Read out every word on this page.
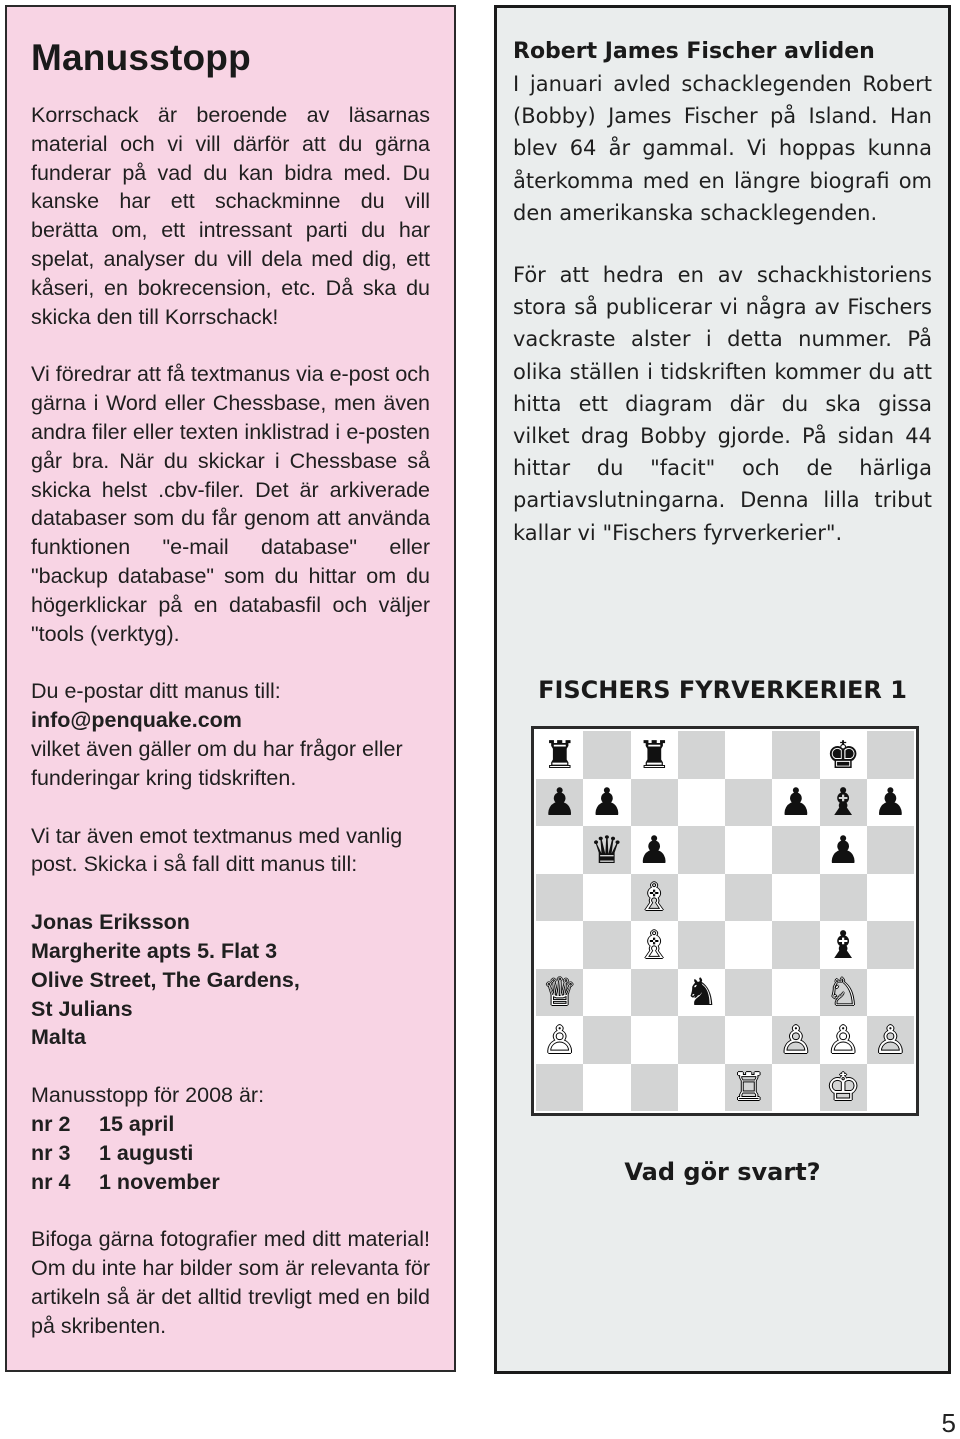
Manusstopp

Korrschack är beroende av läsarnas material och vi vill därför att du gärna funderar på vad du kan bidra med. Du kanske har ett schackminne du vill berätta om, ett intressant parti du har spelat, analyser du vill dela med dig, ett kåseri, en bokrecension, etc. Då ska du skicka den till Korrschack!

Vi föredrar att få textmanus via e-post och gärna i Word eller Chessbase, men även andra filer eller texten inklistrad i e-posten går bra. När du skickar i Chessbase så skicka helst .cbv-filer. Det är arkiverade databaser som du får genom att använda funktionen "e-mail database" eller "backup database" som du hittar om du högerklickar på en databasfil och väljer "tools (verktyg).

Du e-postar ditt manus till:
info@penquake.com
vilket även gäller om du har frågor eller funderingar kring tidskriften.

Vi tar även emot textmanus med vanlig post. Skicka i så fall ditt manus till:

Jonas Eriksson
Margherite apts 5. Flat 3
Olive Street, The Gardens,
St Julians
Malta

Manusstopp för 2008 är:
nr 2	15 april
nr 3	1 augusti
nr 4	1 november

Bifoga gärna fotografier med ditt material! Om du inte har bilder som är relevanta för artikeln så är det alltid trevligt med en bild på skribenten.

Robert James Fischer avliden

I januari avled schacklegenden Robert (Bobby) James Fischer på Island. Han blev 64 år gammal. Vi hoppas kunna återkomma med en längre biografi om den amerikanska schacklegenden.

För att hedra en av schackhistoriens stora så publicerar vi några av Fischers vackraste alster i detta nummer. På olika ställen i tidskriften kommer du att hitta ett diagram där du ska gissa vilket drag Bobby gjorde. På sidan 44 hittar du "facit" och de härliga partiavslutningarna. Denna lilla tribut kallar vi "Fischers fyrverkerier".

FISCHERS FYRVERKERIER 1
♜ ♜	♚
♟ ♟	♟ ♝ ♟
♛ ♟	♟
♗
♗	♝
♕	♞	♘
♙	♙ ♙ ♙
♖ ♔
Vad gör svart?
5
